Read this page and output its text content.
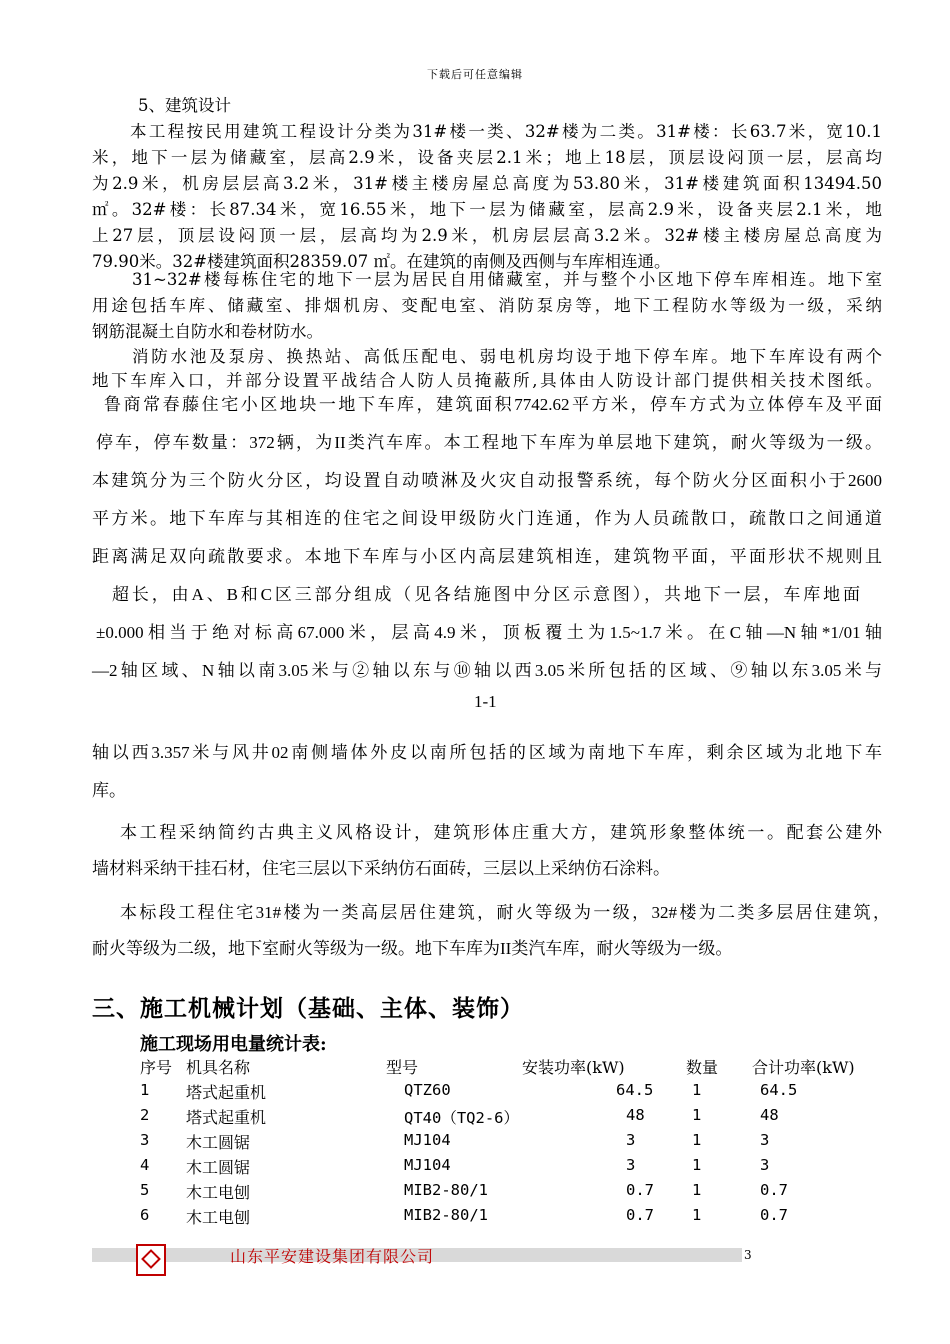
下载后可任意编辑
5、建筑设计
本工程按民用建筑工程设计分类为31#楼一类、32#楼为二类。31#楼：长63.7米，宽10.1
米，地下一层为储藏室，层高2.9米，设备夹层2.1米；地上18层，顶层设闷顶一层，层高均
为2.9米，机房层层高3.2米，31#楼主楼房屋总高度为53.80米，31#楼建筑面积13494.50
㎡。32#楼：长87.34米，宽16.55米，地下一层为储藏室，层高2.9米，设备夹层2.1米，地
上27层，顶层设闷顶一层，层高均为2.9米，机房层层高3.2米。32#楼主楼房屋总高度为
79.90米。32#楼建筑面积28359.07 ㎡。在建筑的南侧及西侧与车库相连通。
31~32#楼每栋住宅的地下一层为居民自用储藏室，并与整个小区地下停车库相连。地下室
用途包括车库、储藏室、排烟机房、变配电室、消防泵房等，地下工程防水等级为一级，采纳
钢筋混凝土自防水和卷材防水。
消防水池及泵房、换热站、高低压配电、弱电机房均设于地下停车库。地下车库设有两个
地下车库入口，并部分设置平战结合人防人员掩蔽所,具体由人防设计部门提供相关技术图纸。
鲁商常春藤住宅小区地块一地下车库，建筑面积7742.62平方米，停车方式为立体停车及平面
停车，停车数量：372辆，为II类汽车库。本工程地下车库为单层地下建筑，耐火等级为一级。
本建筑分为三个防火分区，均设置自动喷淋及火灾自动报警系统，每个防火分区面积小于2600
平方米。地下车库与其相连的住宅之间设甲级防火门连通，作为人员疏散口，疏散口之间通道
距离满足双向疏散要求。本地下车库与小区内高层建筑相连，建筑物平面，平面形状不规则且
超长，由A、B和C区三部分组成（见各结施图中分区示意图），共地下一层，车库地面
±0.000相当于绝对标高67.000米，层高4.9米，顶板覆土为1.5~1.7米。在C轴—N轴*1/01轴
—2轴区域、N轴以南3.05米与②轴以东与⑩轴以西3.05米所包括的区域、⑨轴以东3.05米与
1-1
轴以西3.357米与风井02南侧墙体外皮以南所包括的区域为南地下车库，剩余区域为北地下车
库。
本工程采纳简约古典主义风格设计，建筑形体庄重大方，建筑形象整体统一。配套公建外
墙材料采纳干挂石材，住宅三层以下采纳仿石面砖，三层以上采纳仿石涂料。
本标段工程住宅31#楼为一类高层居住建筑，耐火等级为一级，32#楼为二类多层居住建筑，
耐火等级为二级，地下室耐火等级为一级。地下车库为II类汽车库，耐火等级为一级。
三、施工机械计划（基础、主体、装饰）
施工现场用电量统计表:
序号 机具名称	型号	安装功率(kW)	数量 合计功率(kW)
1 塔式起重机	QTZ60	64.5 1	64.5
2 塔式起重机	QT40（TQ2-6）	48	1	48
3 木工圆锯	MJ104	3	1	3
4 木工圆锯	MJ104	3	1	3
5 木工电刨	MIB2-80/1	0.7 1	0.7
6 木工电刨	MIB2-80/1	0.7 1	0.7
山东平安建设集团有限公司	3
